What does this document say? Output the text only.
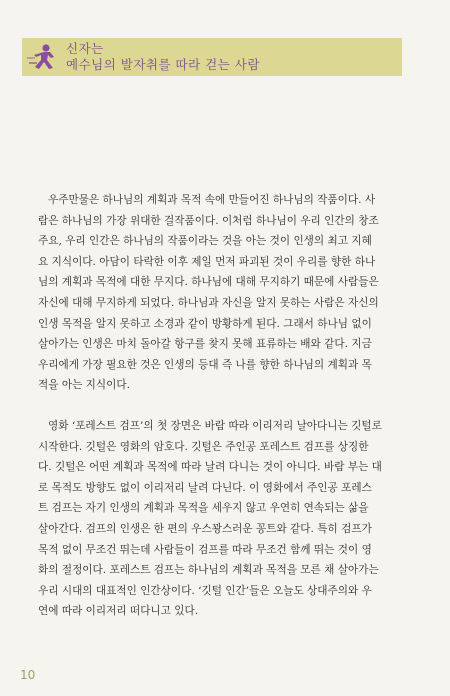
신자는
예수님의 발자취를 따라 걷는 사람

우주만물은 하나님의 계획과 목적 속에 만들어진 하나님의 작품이다. 사
람은 하나님의 가장 위대한 걸작품이다. 이처럼 하나님이 우리 인간의 창조
주요, 우리 인간은 하나님의 작품이라는 것을 아는 것이 인생의 최고 지혜
요 지식이다. 아담이 타락한 이후 제일 먼저 파괴된 것이 우리를 향한 하나
님의 계획과 목적에 대한 무지다. 하나님에 대해 무지하기 때문에 사람들은
자신에 대해 무지하게 되었다. 하나님과 자신을 알지 못하는 사람은 자신의
인생 목적을 알지 못하고 소경과 같이 방황하게 된다. 그래서 하나님 없이
살아가는 인생은 마치 돌아갈 항구를 찾지 못해 표류하는 배와 같다. 지금
우리에게 가장 필요한 것은 인생의 등대 즉 나를 향한 하나님의 계획과 목
적을 아는 지식이다.

영화 ‘포레스트 검프’의 첫 장면은 바람 따라 이리저리 날아다니는 깃털로
시작한다. 깃털은 영화의 암호다. 깃털은 주인공 포레스트 검프를 상징한
다. 깃털은 어떤 계획과 목적에 따라 날려 다니는 것이 아니다. 바람 부는 대
로 목적도 방향도 없이 이리저리 날려 다닌다. 이 영화에서 주인공 포레스
트 검프는 자기 인생의 계획과 목적을 세우지 않고 우연히 연속되는 삶을
살아간다. 검프의 인생은 한 편의 우스꽝스러운 꽁트와 같다. 특히 검프가
목적 없이 무조건 뛰는데 사람들이 검프를 따라 무조건 함께 뛰는 것이 영
화의 절정이다. 포레스트 검프는 하나님의 계획과 목적을 모른 채 살아가는
우리 시대의 대표적인 인간상이다. ‘깃털 인간’들은 오늘도 상대주의와 우
연에 따라 이리저리 떠다니고 있다.

10
